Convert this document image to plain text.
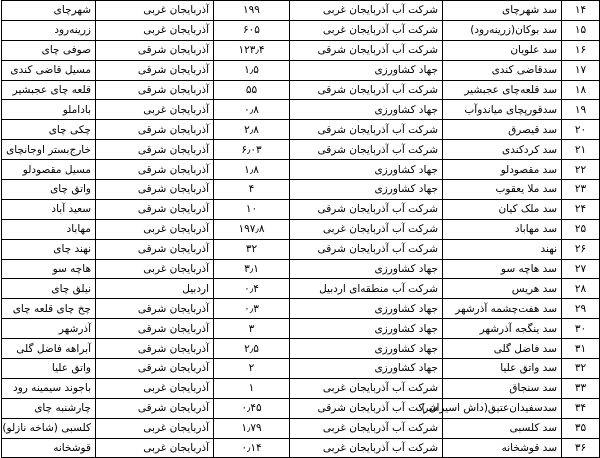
۱۴	سد شهرچای	شرکت آب آذربایجان غربی	۱۹۹	آذربایجان غربی	شهرچای
۱۵	سد بوکان(زرینه‌رود)	شرکت آب آذربایجان غربی	۶۰۵	آذربایجان غربی	زرینه‌رود
۱۶	سد علویان	شرکت آب آذربایجان شرقی	۱۲۳٫۴	آذربایجان شرقی	صوفی چای
۱۷	سدقاضی کندی	جهاد کشاورزی	۱٫۵	آذربایجان شرقی	مسیل قاضی کندی
۱۸	سد قلعه‌چای عجبشیر	شرکت آب آذربایجان شرقی	۵۵	آذربایجان شرقی	قلعه چای عجبشیر
۱۹	سدقورپچای میاندوآب	جهاد کشاورزی	۰٫۸	آذربایجان غربی	باداملو
۲۰	سد قیصرق	شرکت آب آذربایجان شرقی	۲٫۸	آذربایجان شرقی	چکی چای
۲۱	سد کردکندی	شرکت آب آذربایجان شرقی	۶٫۰۳	آذربایجان شرقی	خارج‌بستر اوجانچای
۲۲	سد مقصودلو	جهاد کشاورزی	۱٫۸	آذربایجان شرقی	مسیل مقصودلو
۲۳	سد ملا یعقوب	جهاد کشاورزی	۴	آذربایجان شرقی	واتق چای
۲۴	سد ملک کیان	شرکت آب آذربایجان شرقی	۱۰	آذربایجان شرقی	سعید آباد
۲۵	سد مهاباد	شرکت آب آذربایجان غربی	۱۹۷٫۸	آذربایجان غربی	مهاباد
۲۶	نهند	شرکت آب آذربایجان شرقی	۳۲	آذربایجان شرقی	نهند چای
۲۷	سد هاچه سو	جهاد کشاورزی	۳٫۱	آذربایجان غربی	هاچه سو
۲۸	سد هریس	شرکت آب منطقه‌ای اردبیل	۰٫۴	اردبیل	نیلق چای
۲۹	سد هفت‌چشمه آذرشهر	جهاد کشاورزی	۰٫۳	آذربایجان شرقی	چخ چای قلعه چای
۳۰	سد ینگجه آذرشهر	جهاد کشاورزی	۳	آذربایجان شرقی	آذرشهر
۳۱	سد فاضل گلی	جهاد کشاورزی	۲٫۵	آذربایجان شرقی	آبراهه فاضل گلی
۳۲	سد واتق علیا	جهاد کشاورزی	۲	آذربایجان شرقی	واتق علیا
۳۳	سد سنجاق	شرکت آب آذربایجان غربی	۱	آذربایجان غربی	باجوند سیمینه رود
۳۴	سدسفیدان‌عتیق(داش اسیران )	شرکت آب آذربایجان شرقی	۰٫۴۵	آذربایجان شرقی	چارشنبه چای
۳۵	سد کلسبی	شرکت آب آذربایجان غربی	۱٫۷۹	آذربایجان غربی	کلسبی (شاخه نازلو)
۳۶	سد قوشخانه	شرکت آب آذربایجان غربی	۰٫۱۴	آذربایجان غربی	قوشخانه
